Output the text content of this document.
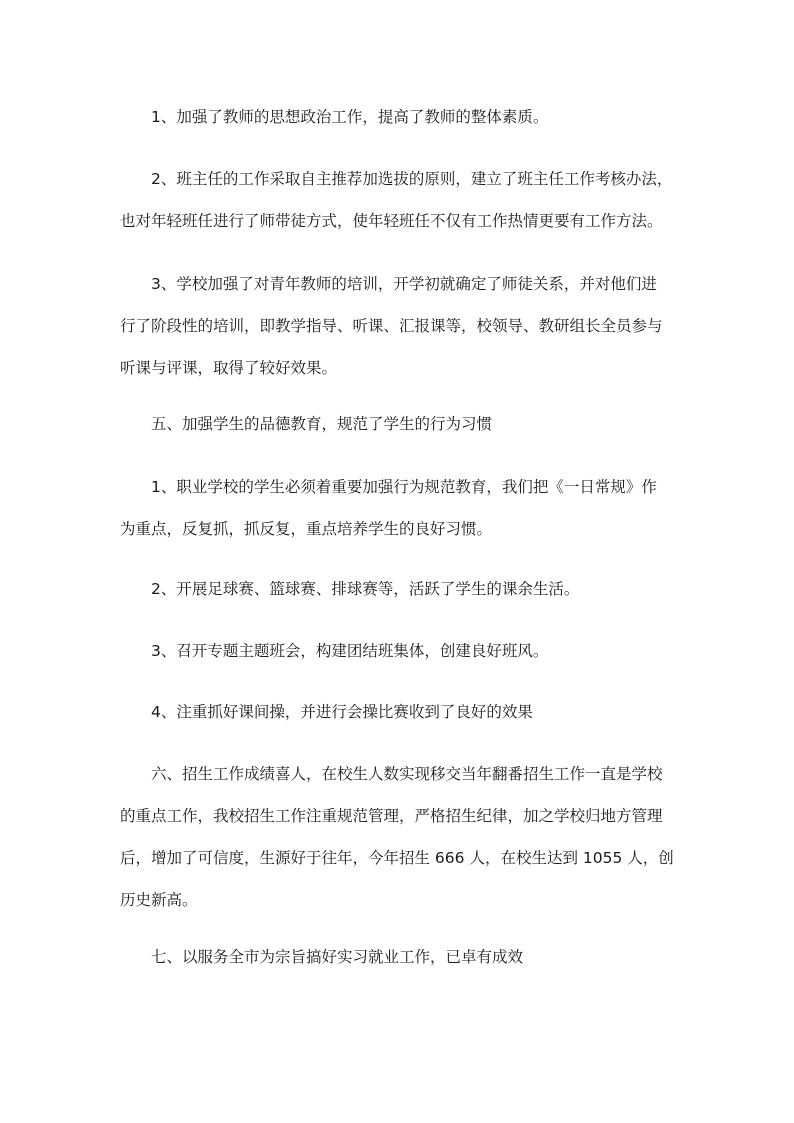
　　1、加强了教师的思想政治工作，提高了教师的整体素质。

　　2、班主任的工作采取自主推荐加选拔的原则，建立了班主任工作考核办法，
也对年轻班任进行了师带徒方式，使年轻班任不仅有工作热情更要有工作方法。

　　3、学校加强了对青年教师的培训，开学初就确定了师徒关系，并对他们进
行了阶段性的培训，即教学指导、听课、汇报课等，校领导、教研组长全员参与
听课与评课，取得了较好效果。

　　五、加强学生的品德教育，规范了学生的行为习惯

　　1、职业学校的学生必须着重要加强行为规范教育，我们把《一日常规》作
为重点，反复抓，抓反复，重点培养学生的良好习惯。

　　2、开展足球赛、篮球赛、排球赛等，活跃了学生的课余生活。

　　3、召开专题主题班会，构建团结班集体，创建良好班风。

　　4、注重抓好课间操，并进行会操比赛收到了良好的效果

　　六、招生工作成绩喜人，在校生人数实现移交当年翻番招生工作一直是学校
的重点工作，我校招生工作注重规范管理，严格招生纪律，加之学校归地方管理
后，增加了可信度，生源好于往年，今年招生 666 人，在校生达到 1055 人，创
历史新高。

　　七、以服务全市为宗旨搞好实习就业工作，已卓有成效
